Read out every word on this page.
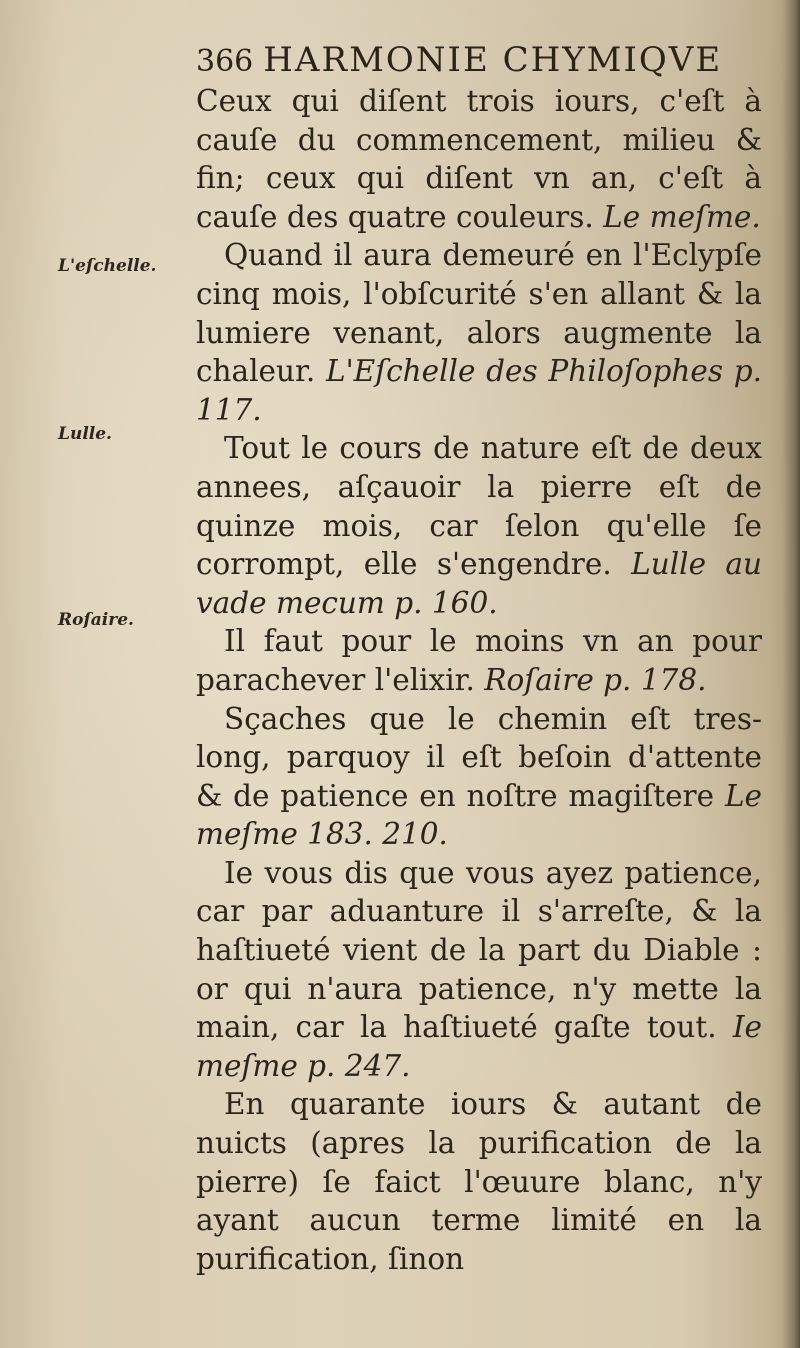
366 HARMONIE CHYMIQVE
L'eſchelle.
Lulle.
Roſaire.

Ceux qui diſent trois iours, c'eſt à cauſe du commencement, milieu & fin; ceux qui diſent vn an, c'eſt à cauſe des quatre couleurs. Le meſme.

Quand il aura demeuré en l'Eclypſe cinq mois, l'obſcurité s'en allant & la lumiere venant, alors augmente la chaleur. L'Eſchelle des Philoſophes p. 117.

Tout le cours de nature eſt de deux annees, aſçauoir la pierre eſt de quinze mois, car ſelon qu'elle ſe corrompt, elle s'engendre. Lulle au vade mecum p. 160.

Il faut pour le moins vn an pour parachever l'elixir. Roſaire p. 178.

Sçaches que le chemin eſt tres-long, parquoy il eſt beſoin d'attente & de patience en noſtre magiſtere Le meſme 183. 210.

Ie vous dis que vous ayez patience, car par aduanture il s'arreſte, & la haſtiueté vient de la part du Diable : or qui n'aura patience, n'y mette la main, car la haſtiueté gaſte tout. Ie meſme p. 247.

En quarante iours & autant de nuicts (apres la purification de la pierre) ſe faict l'œuure blanc, n'y ayant aucun terme limité en la purification, ſinon
